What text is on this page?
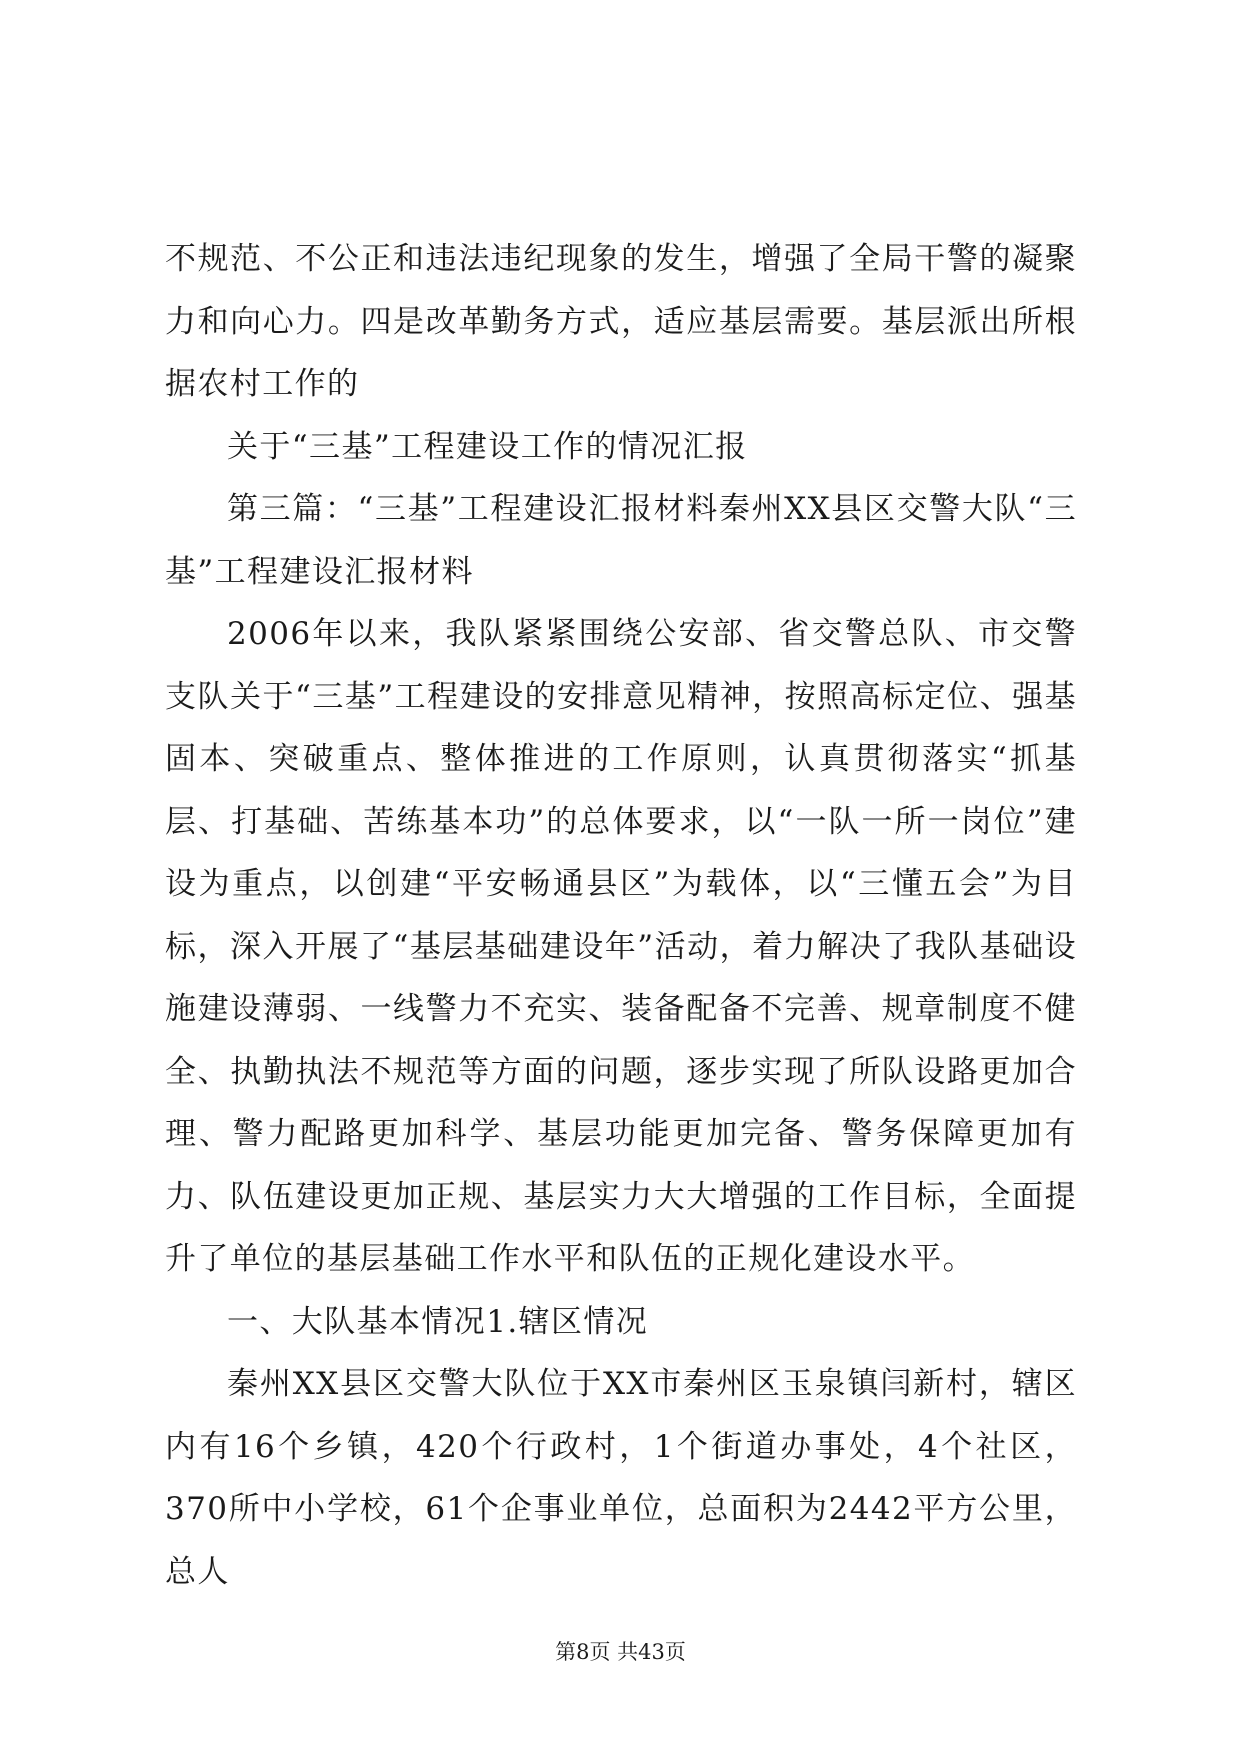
不规范、不公正和违法违纪现象的发生，增强了全局干警的凝聚力和向心力。四是改革勤务方式，适应基层需要。基层派出所根据农村工作的

关于“三基”工程建设工作的情况汇报

第三篇：“三基”工程建设汇报材料秦州XX县区交警大队“三基”工程建设汇报材料

2006年以来，我队紧紧围绕公安部、省交警总队、市交警支队关于“三基”工程建设的安排意见精神，按照高标定位、强基固本、突破重点、整体推进的工作原则，认真贯彻落实“抓基层、打基础、苦练基本功”的总体要求，以“一队一所一岗位”建设为重点，以创建“平安畅通县区”为载体，以“三懂五会”为目标，深入开展了“基层基础建设年”活动，着力解决了我队基础设施建设薄弱、一线警力不充实、装备配备不完善、规章制度不健全、执勤执法不规范等方面的问题，逐步实现了所队设路更加合理、警力配路更加科学、基层功能更加完备、警务保障更加有力、队伍建设更加正规、基层实力大大增强的工作目标，全面提升了单位的基层基础工作水平和队伍的正规化建设水平。

一、大队基本情况1.辖区情况

秦州XX县区交警大队位于XX市秦州区玉泉镇闫新村，辖区内有16个乡镇，420个行政村，1个街道办事处，4个社区，370所中小学校，61个企事业单位，总面积为2442平方公里，总人

第8页 共43页
